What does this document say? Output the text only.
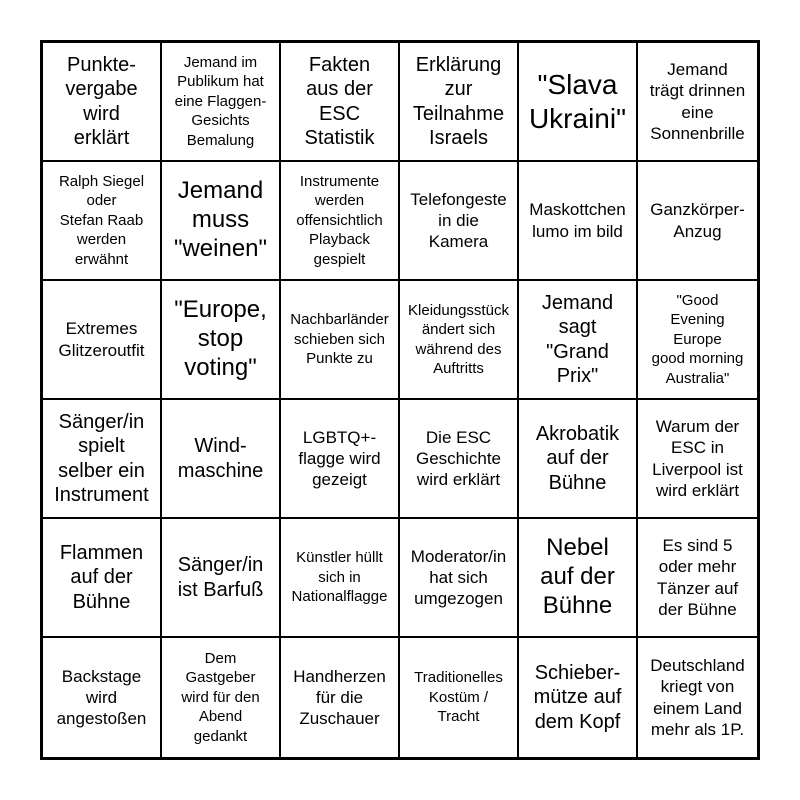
Punkte-
vergabe
wird
erklärt
Jemand im
Publikum hat
eine Flaggen-
Gesichts
Bemalung
Fakten
aus der
ESC
Statistik
Erklärung
zur
Teilnahme
Israels
"Slava
Ukraini"
Jemand
trägt drinnen
eine
Sonnenbrille
Ralph Siegel
oder
Stefan Raab
werden
erwähnt
Jemand
muss
"weinen"
Instrumente
werden
offensichtlich
Playback
gespielt
Telefongeste
in die
Kamera
Maskottchen
lumo im bild
Ganzkörper-
Anzug
Extremes
Glitzeroutfit
"Europe,
stop
voting"
Nachbarländer
schieben sich
Punkte zu
Kleidungsstück
ändert sich
während des
Auftritts
Jemand
sagt
"Grand
Prix"
"Good
Evening
Europe
good morning
Australia"
Sänger/in
spielt
selber ein
Instrument
Wind-
maschine
LGBTQ+-
flagge wird
gezeigt
Die ESC
Geschichte
wird erklärt
Akrobatik
auf der
Bühne
Warum der
ESC in
Liverpool ist
wird erklärt
Flammen
auf der
Bühne
Sänger/in
ist Barfuß
Künstler hüllt
sich in
Nationalflagge
Moderator/in
hat sich
umgezogen
Nebel
auf der
Bühne
Es sind 5
oder mehr
Tänzer auf
der Bühne
Backstage
wird
angestoßen
Dem
Gastgeber
wird für den
Abend
gedankt
Handherzen
für die
Zuschauer
Traditionelles
Kostüm /
Tracht
Schieber-
mütze auf
dem Kopf
Deutschland
kriegt von
einem Land
mehr als 1P.
